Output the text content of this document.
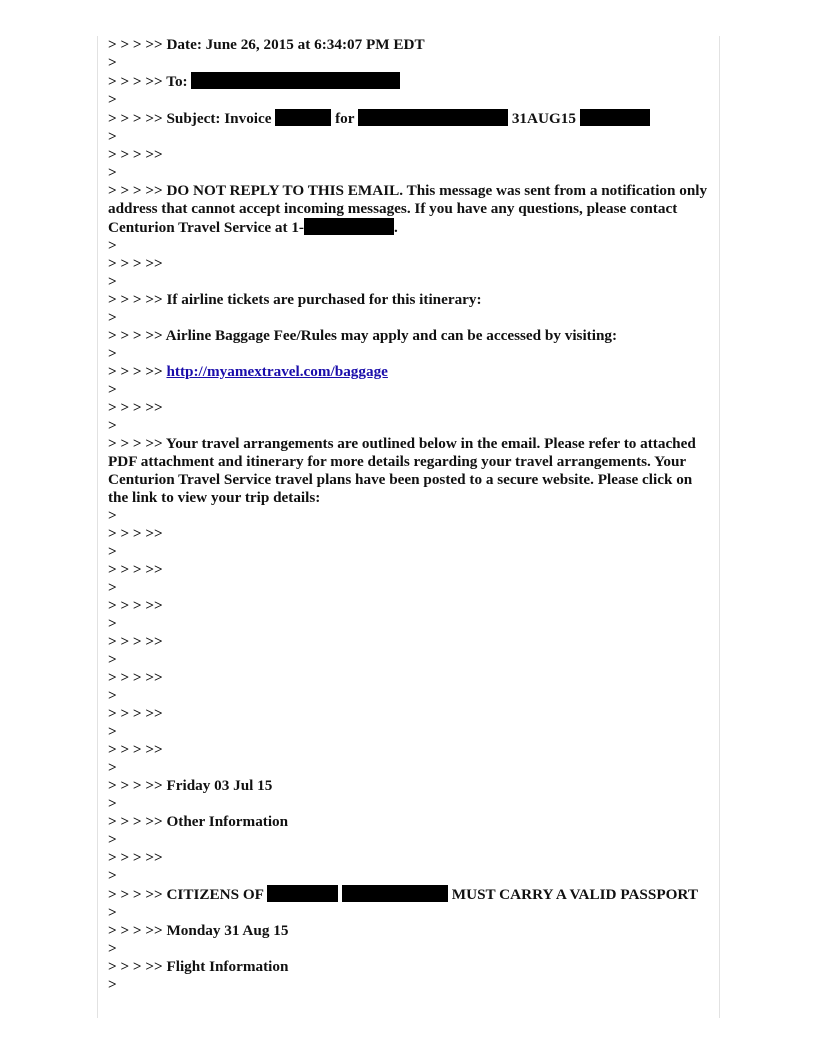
> > > >> Date: June 26, 2015 at 6:34:07 PM EDT
>
> > > >> To:
>
> > > >> Subject: Invoice	for	31AUG15
>
> > > >>
>
> > > >> DO NOT REPLY TO THIS EMAIL. This message was sent from a notification only address that cannot accept incoming messages. If you have any questions, please contact Centurion Travel Service at 1-	.
>
> > > >>
>
> > > >> If airline tickets are purchased for this itinerary:
>
> > > >> Airline Baggage Fee/Rules may apply and can be accessed by visiting:
>
> > > >> http://myamextravel.com/baggage
>
> > > >>
>
> > > >> Your travel arrangements are outlined below in the email. Please refer to attached PDF attachment and itinerary for more details regarding your travel arrangements. Your Centurion Travel Service travel plans have been posted to a secure website. Please click on the link to view your trip details:
>
> > > >>
>
> > > >>
>
> > > >>
>
> > > >>
>
> > > >>
>
> > > >>
>
> > > >>
>
> > > >> Friday 03 Jul 15
>
> > > >> Other Information
>
> > > >>
>
> > > >> CITIZENS OF	MUST CARRY A VALID PASSPORT
>
> > > >> Monday 31 Aug 15
>
> > > >> Flight Information
>
